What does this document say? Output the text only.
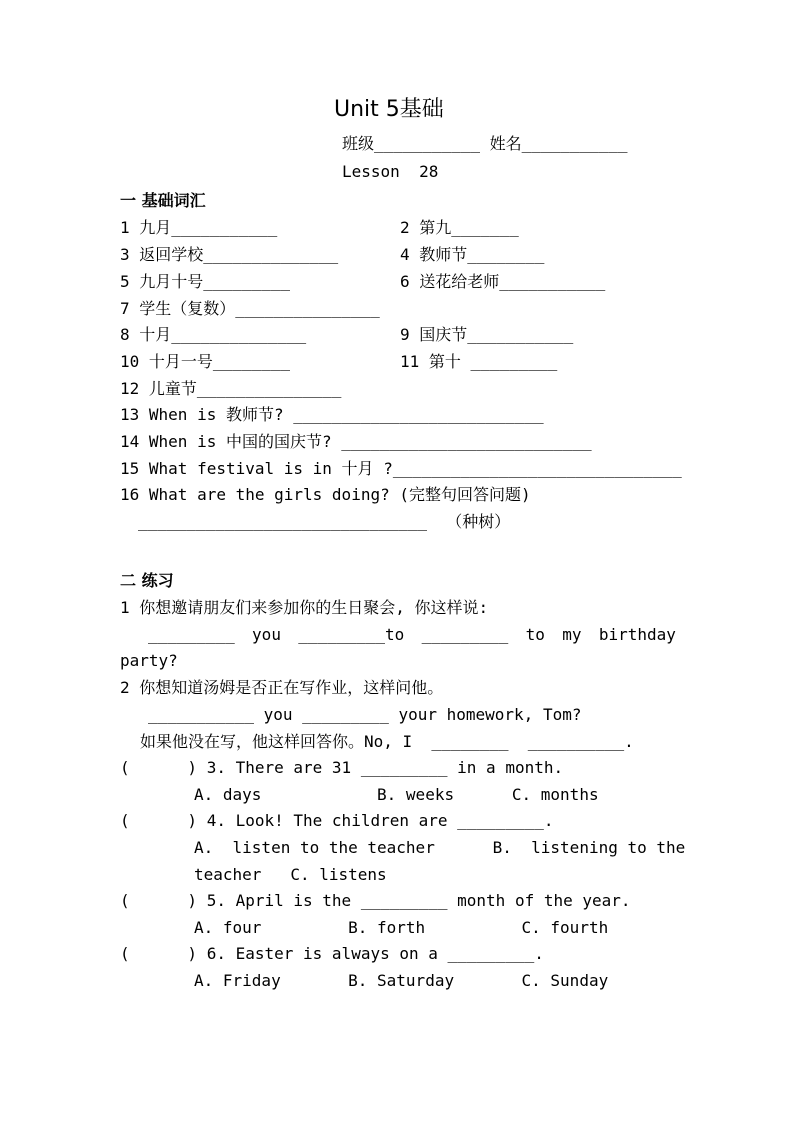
Unit 5基础
班级___________ 姓名___________
Lesson  28
一 基础词汇
1 九月___________	2 第九_______
3 返回学校______________	4 教师节________
5 九月十号_________	6 送花给老师___________
7 学生（复数）_______________
8 十月______________	9 国庆节___________
10 十月一号________	11 第十 _________
12 儿童节_______________
13 When is 教师节? __________________________
14 When is 中国的国庆节? __________________________
15 What festival is in 十月 ?______________________________
16 What are the girls doing? (完整句回答问题)
______________________________  （种树）
二 练习
1 你想邀请朋友们来参加你的生日聚会, 你这样说:
_________ you _________to _________ to my birthday
party?
2 你想知道汤姆是否正在写作业，这样问他。
___________ you _________ your homework, Tom?
如果他没在写，他这样回答你。No, I  ________  __________.
(      ) 3. There are 31 _________ in a month.
A. days            B. weeks      C. months
(      ) 4. Look! The children are _________.
A.  listen to the teacher      B.  listening to the
teacher   C. listens
(      ) 5. April is the _________ month of the year.
A. four         B. forth          C. fourth
(      ) 6. Easter is always on a _________.
A. Friday       B. Saturday       C. Sunday
